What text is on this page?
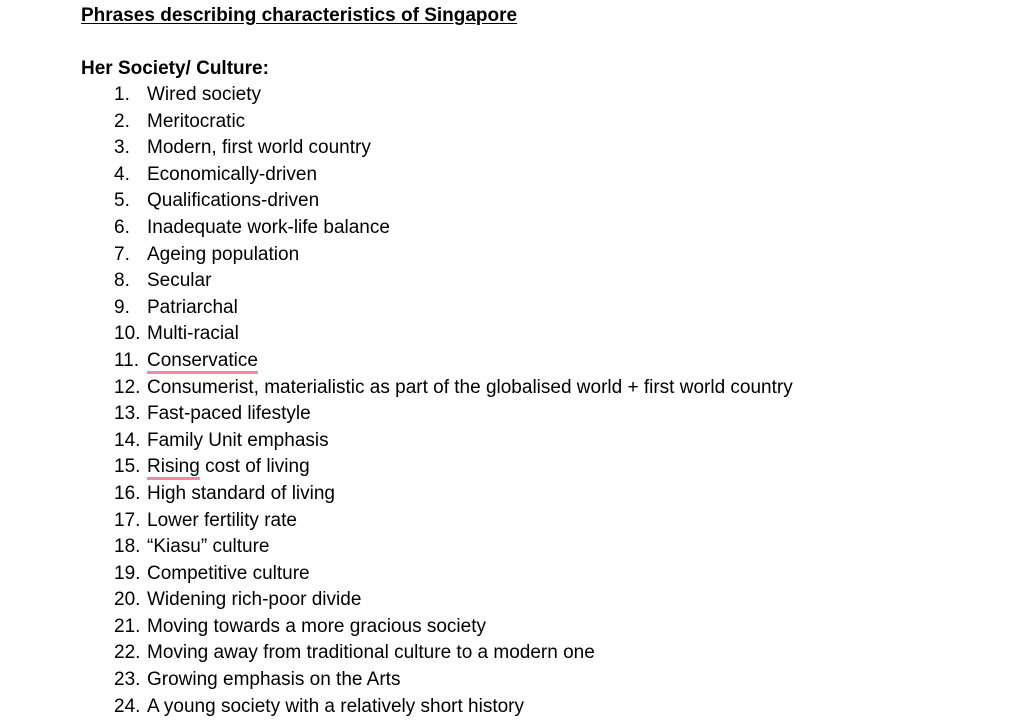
Phrases describing characteristics of Singapore
Her Society/ Culture:
1. Wired society
2. Meritocratic
3. Modern, first world country
4. Economically-driven
5. Qualifications-driven
6. Inadequate work-life balance
7. Ageing population
8. Secular
9. Patriarchal
10. Multi-racial
11. Conservatice
12. Consumerist, materialistic as part of the globalised world + first world country
13. Fast-paced lifestyle
14. Family Unit emphasis
15. Rising cost of living
16. High standard of living
17. Lower fertility rate
18. “Kiasu” culture
19. Competitive culture
20. Widening rich-poor divide
21. Moving towards a more gracious society
22. Moving away from traditional culture to a modern one
23. Growing emphasis on the Arts
24. A young society with a relatively short history
